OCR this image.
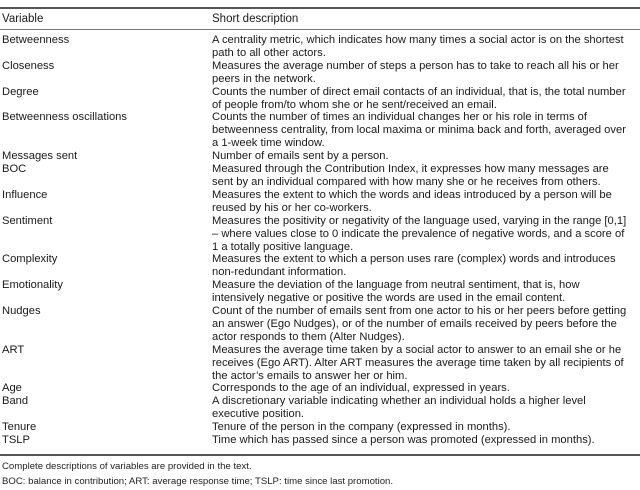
Variable	Short description
Betweenness	A centrality metric, which indicates how many times a social actor is on the shortest path to all other actors.
Closeness	Measures the average number of steps a person has to take to reach all his or her peers in the network.
Degree	Counts the number of direct email contacts of an individual, that is, the total number of people from/to whom she or he sent/received an email.
Betweenness oscillations	Counts the number of times an individual changes her or his role in terms of betweenness centrality, from local maxima or minima back and forth, averaged over a 1-week time window.
Messages sent	Number of emails sent by a person.
BOC	Measured through the Contribution Index, it expresses how many messages are sent by an individual compared with how many she or he receives from others.
Influence	Measures the extent to which the words and ideas introduced by a person will be reused by his or her co-workers.
Sentiment	Measures the positivity or negativity of the language used, varying in the range [0,1] – where values close to 0 indicate the prevalence of negative words, and a score of 1 a totally positive language.
Complexity	Measures the extent to which a person uses rare (complex) words and introduces non-redundant information.
Emotionality	Measure the deviation of the language from neutral sentiment, that is, how intensively negative or positive the words are used in the email content.
Nudges	Count of the number of emails sent from one actor to his or her peers before getting an answer (Ego Nudges), or of the number of emails received by peers before the actor responds to them (Alter Nudges).
ART	Measures the average time taken by a social actor to answer to an email she or he receives (Ego ART). Alter ART measures the average time taken by all recipients of the actor’s emails to answer her or him.
Age	Corresponds to the age of an individual, expressed in years.
Band	A discretionary variable indicating whether an individual holds a higher level executive position.
Tenure	Tenure of the person in the company (expressed in months).
TSLP	Time which has passed since a person was promoted (expressed in months).
Complete descriptions of variables are provided in the text.
BOC: balance in contribution; ART: average response time; TSLP: time since last promotion.
